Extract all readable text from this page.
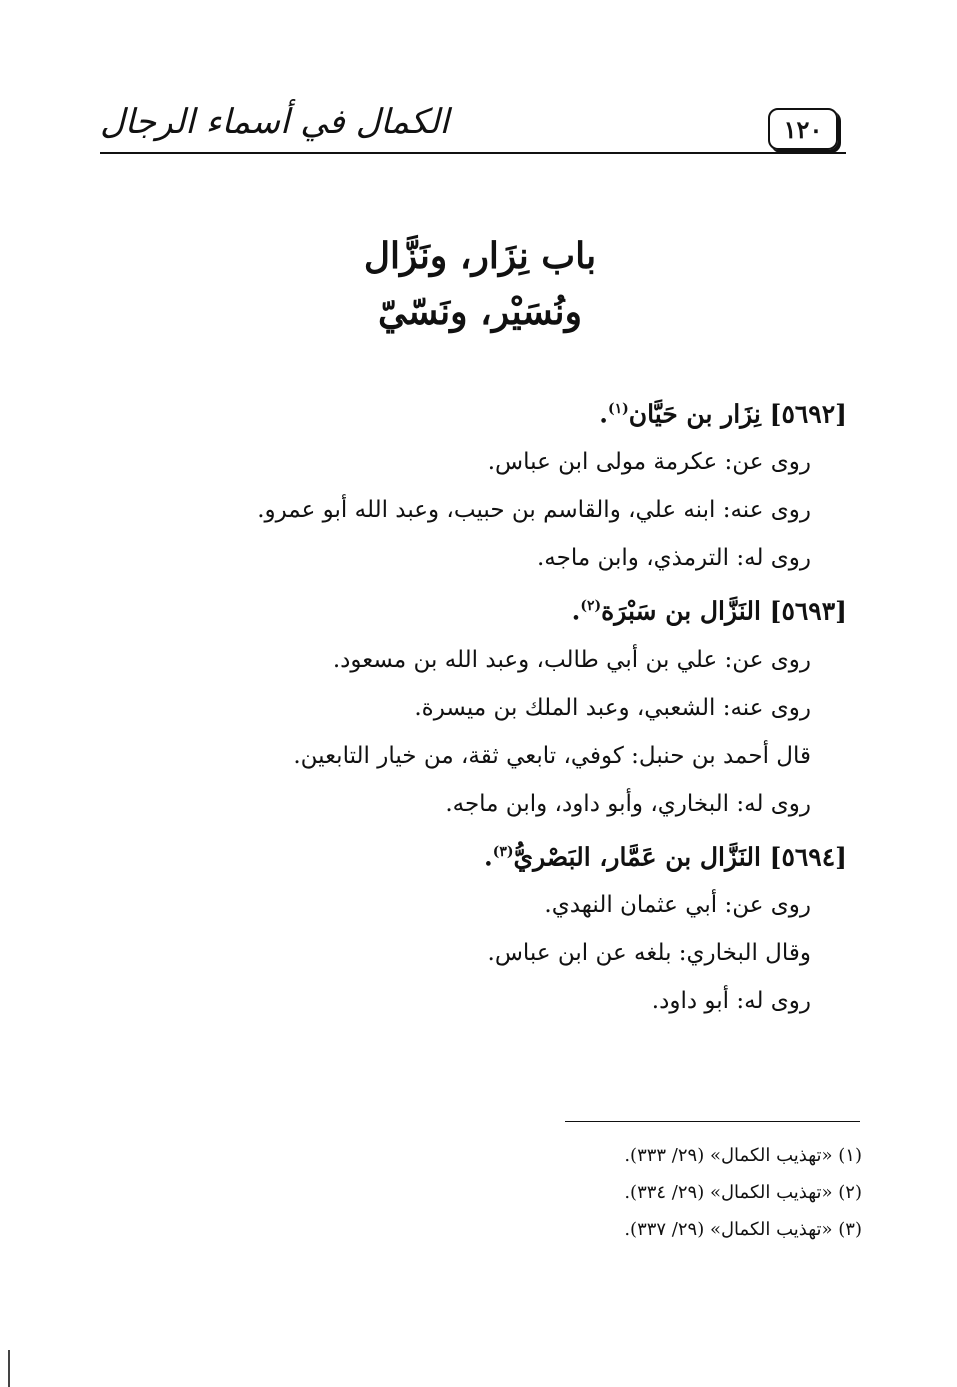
الكمال في أسماء الرجال	١٢٠
باب نِزَار، ونَزَّال
ونُسَيْر، ونَسّيّ
[٥٦٩٢] نِزَار بن حَيَّان$^{(١)}$.
روى عن: عكرمة مولى ابن عباس.
روى عنه: ابنه علي، والقاسم بن حبيب، وعبد الله أبو عمرو.
روى له: الترمذي، وابن ماجه.
[٥٦٩٣] النَزَّال بن سَبْرَة$^{(٢)}$.
روى عن: علي بن أبي طالب، وعبد الله بن مسعود.
روى عنه: الشعبي، وعبد الملك بن ميسرة.
قال أحمد بن حنبل: كوفي، تابعي ثقة، من خيار التابعين.
روى له: البخاري، وأبو داود، وابن ماجه.
[٥٦٩٤] النَزَّال بن عَمَّار، البَصْريُّ$^{(٣)}$.
روى عن: أبي عثمان النهدي.
وقال البخاري: بلغه عن ابن عباس.
روى له: أبو داود.
(١) «تهذيب الكمال» (٢٩/ ٣٣٣).
(٢) «تهذيب الكمال» (٢٩/ ٣٣٤).
(٣) «تهذيب الكمال» (٢٩/ ٣٣٧).
